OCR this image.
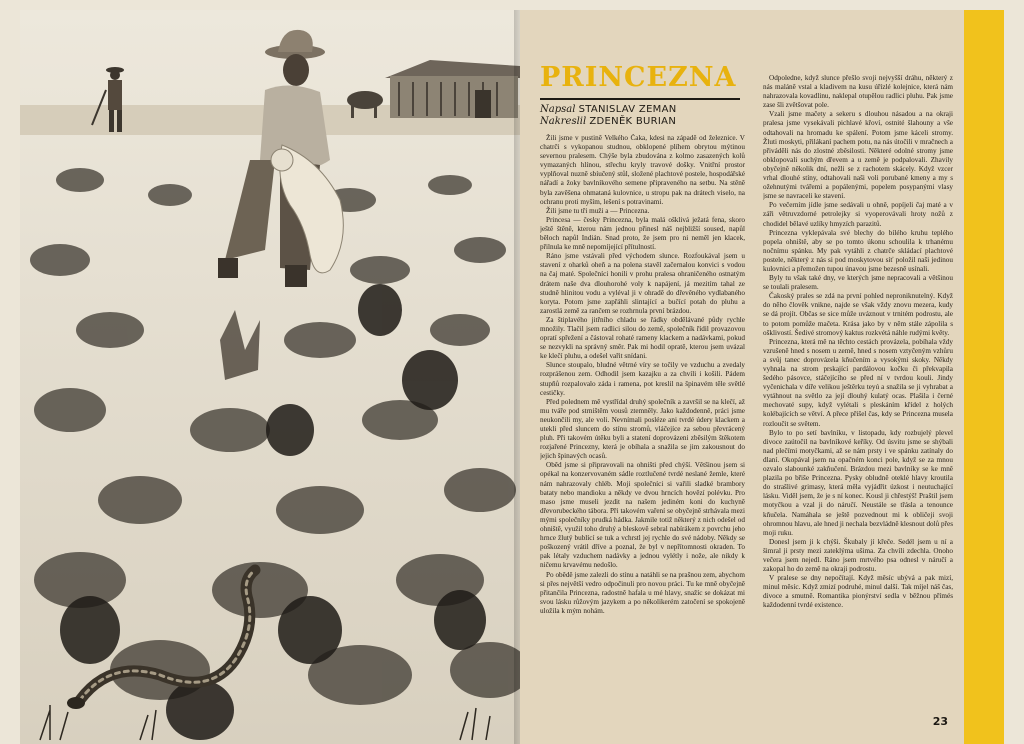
PRINCEZNA
Napsal STANISLAV ZEMAN
Nakreslil ZDENĚK BURIAN

Žili jsme v pustině Velkého Čaka, kdesi na západě od železnice. V chatrči s vykopanou studnou, obklopené plíhem obrytou mýtinou severnou pralesem. Chýše byla zbudována z kolmo zasazených kolů vymazaných hlínou, střechu kryly travové došky. Vnitřní prostor vyplňoval nuzně sbíučený stůl, složené plachtové postele, hospodářské nářadí a žoky bavlníkového semene připraveného na setbu. Na stěně byla zavěšena ohmataná kulovnice, u stropu pak na drátech viselo, na ochranu proti myším, lešení s potravinami.

Žili jsme tu tři muži a — Princezna.

Princesa — česky Princezna, byla malá ošklivá ježatá fena, skoro ještě štěně, kterou nám jednou přinesl náš nejbližší soused, napůl běloch napůl Indián. Snad proto, že jsem pro ni neměl jen klacek, přilnula ke mně nepomíjející přítulností.

Ráno jsme vstávali před východem slunce. Rozfoukával jsem u stavení z oharků oheň a na polena stavěl začernalou konvici s vodou na čaj maté. Společníci honili v prohu pralesa ohraničeného ostnatým drátem naše dva dlouhorohé voly k napájení, já mezitím tahal ze studně hlinitou vodu a vyléval ji v ohradě do dřevěného vydlabaného koryta. Potom jsme zapřáhli slintající a bučící potah do pluhu a zarostlá země za rančem se rozhrnula první brázdou.

Za štiplavého jitřního chladu se řádky obdělávané půdy rychle množily. Tlačil jsem radlici silou do země, společník řídil provazovou opratí spřežení a částoval rohaté rameny klackem a nadávkami, pokud se nezvykli na správný směr. Pak mi hodil opratě, kterou jsem uvázal ke klečí pluhu, a odešel vařit snídani.

Slunce stoupalo, bludné větrné víry se točily ve vzduchu a zvedaly rozprášenou zem. Odhodil jsem kazajku a za chvíli i košili. Pádem stupňů rozpalovalo záda i ramena, pot kreslil na špinavém těle světlé cestičky.

Před polednem mě vystřídal druhý společník a završil se na klečí, až mu tváře pod strništěm vousů ztemněly. Jako každodenně, práci jsme neukončili my, ale voli. Nevnímali posléze ani tvrdé údery klackem a utekli před sluncem do stínu stromů, vláčejíce za sebou převrácený pluh. Při takovém útěku byli a statení doprovázeni zběsilým štěkotem rozjařené Princezny, která je obíhala a snažila se jim zakousnout do jejich špinavých ocasů.

Oběd jsme si připravovali na ohništi před chýší. Většinou jsem si opékal na konzervovaném sádle roztlučené tvrdé neslané žemle, které nám nahrazovaly chléb. Moji společníci si vařili sladké brambory bataty nebo mandioku a někdy ve dvou hrncích hovězí polévku. Pro maso jsme museli jezdit na našem jediném koni do kuchyně dřevorubeckého tábora. Při takovém vaření se obyčejně strhávala mezi mými společníky prudká hádka. Jakmile totiž některý z nich odešel od ohniště, využil toho druhý a bleskově sebral nabírákem z povrchu jeho hrnce žlutý bublící se tuk a vchrstl jej rychle do své nádoby. Někdy se poškozený vrátil dříve a poznal, že byl v nepřítomnosti okraden. To pak létaly vzduchem nadávky a jednou vylétly i nože, ale nikdy k ničemu krvavému nedošlo.

Po obědě jsme zalezli do stínu a natáhli se na prašnou zem, abychom si přes největší vedro odpočinuli pro novou práci. Tu ke mně obyčejně přitančila Princezna, radostně hafala u mé hlavy, snažíc se dokázat mi svou lásku růžovým jazykem a po několikerém zatočení se spokojeně uložila k mým nohám.

Odpoledne, když slunce přešlo svoji nejvyšší dráhu, některý z nás maláně vstal a kladivem na kusu úřízlé kolejnice, která nám nahrazovala kovadlinu, naklepal otupělou radlici pluhu. Pak jsme zase šli zvětšovat pole.

Vzali jsme mačety a sekeru s dlouhou násadou a na okraji pralesa jsme vysekávali pichlavé křoví, ostnité šlahouny a vše odtahovali na hromadu ke spálení. Potom jsme káceli stromy. Žluti moskyti, přilákaní pachem potu, na nás útočili v mračnech a přiváděli nás do zlostné zběsilosti. Některé odolné stromy jsme obklopovali suchým dřevem a u země je podpalovali. Zhavily obyčejně několik dní, nežli se z rachotem skácely. Když vzcer vrhal dlouhé stíny, odtahovali naši voli porubané kmeny a my s ožehnutými tvářemi a popálenými, popelem posypanými vlasy jsme se navraceli ke stavení.

Po večerním jídle jsme sedávali u ohně, popíjeli čaj maté a v záři větruvzdorné petrolejky si vyoperovávali hroty nožů z chodidel bělavé uzlíky hmyzích parazitů.

Princezna vyklepávala své blechy do bílého kruhu teplého popela ohniště, aby se po tomto úkonu schoulila k trhanému nočnímu spánku. My pak vytáhli z chatrče skládací plachtové postele, některý z nás si pod moskytovou síť položil naši jedinou kulovnici a přemožen tupou únavou jsme bezesně usínali.

Byly tu však také dny, ve kterých jsme nepracovali a většinou se toulali pralesem.

Čakoský prales se zdá na první pohled neproniknutelný. Když do něho člověk vnikne, najde se však vždy znovu mezera, kudy se dá projít. Občas se sice může uváznout v trnitém podrostu, ale to potom pomůže mačeta. Krása jako by v něm stále zápolila s ošklivostí. Šedivé stromový kaktus rozkvétá náhle rudými květy.

Princezna, která mě na těchto cestách provázela, pobíhala vždy vzrušeně hned s nosem u země, hned s nosem vztyčeným vzhůru a svůj tanec doprovázela kňučením a vysokými skoky. Někdy vyhnala na strom prskající pardálovou kočku či překvapila šedého pásovce, stáčejícího se před ní v tvrdou kouli. Jindy vyčenichala v díře velikou ještěrku teyú a snažila se ji vyhrabat a vytáhnout na světlo za její dlouhý kulatý ocas. Plašila i černé mechovaté supy, když vylétali s pleskáním křídel z holých kolébajících se větví. A přece přišel čas, kdy se Princezna musela rozloučit se světem.

Bylo to po setí bavlníku, v listopadu, kdy rozbujelý plevel divoce zaútočil na bavlníkové keříky. Od úsvitu jsme se shýbali nad plečími motyčkami, až se nám prsty i ve spánku zatínaly do dlaní. Okopával jsem na opačném konci pole, když se za mnou ozvalo slabounké zakňučení. Brázdou mezi bavlníky se ke mně plazila po břiše Princezna. Pysky obludně oteklé hlavy kroutila do strašlivé grimasy, která měla vyjádřit úzkost i neutuchající lásku. Viděl jsem, že je s ní konec. Kousl ji chřestýš! Praštil jsem motyčkou a vzal ji do náručí. Neustále se třásla a tenounce kňučela. Namáhala se ještě pozvednout mi k obličeji svoji ohromnou hlavu, ale hned ji nechala bezvládně klesnout dolů přes moji ruku.

Donesl jsem ji k chýši. Škubaly jí křeče. Sedél jsem u ní a šimral ji prsty mezi zateklýma ušima. Za chvíli zdechla. Onoho večera jsem nejedl. Ráno jsem mrtvého psa odnesl v náručí a zakopal ho do země na okraji podrostu.

V pralese se dny nepočítají. Když měsíc ubývá a pak mizí, minul měsíc. Když zmizí podruhé, minul další. Tak míjel náš čas, divoce a smutně. Romantika pionýrství sedla v běžnou přímés každodenní tvrdé existence.

23
